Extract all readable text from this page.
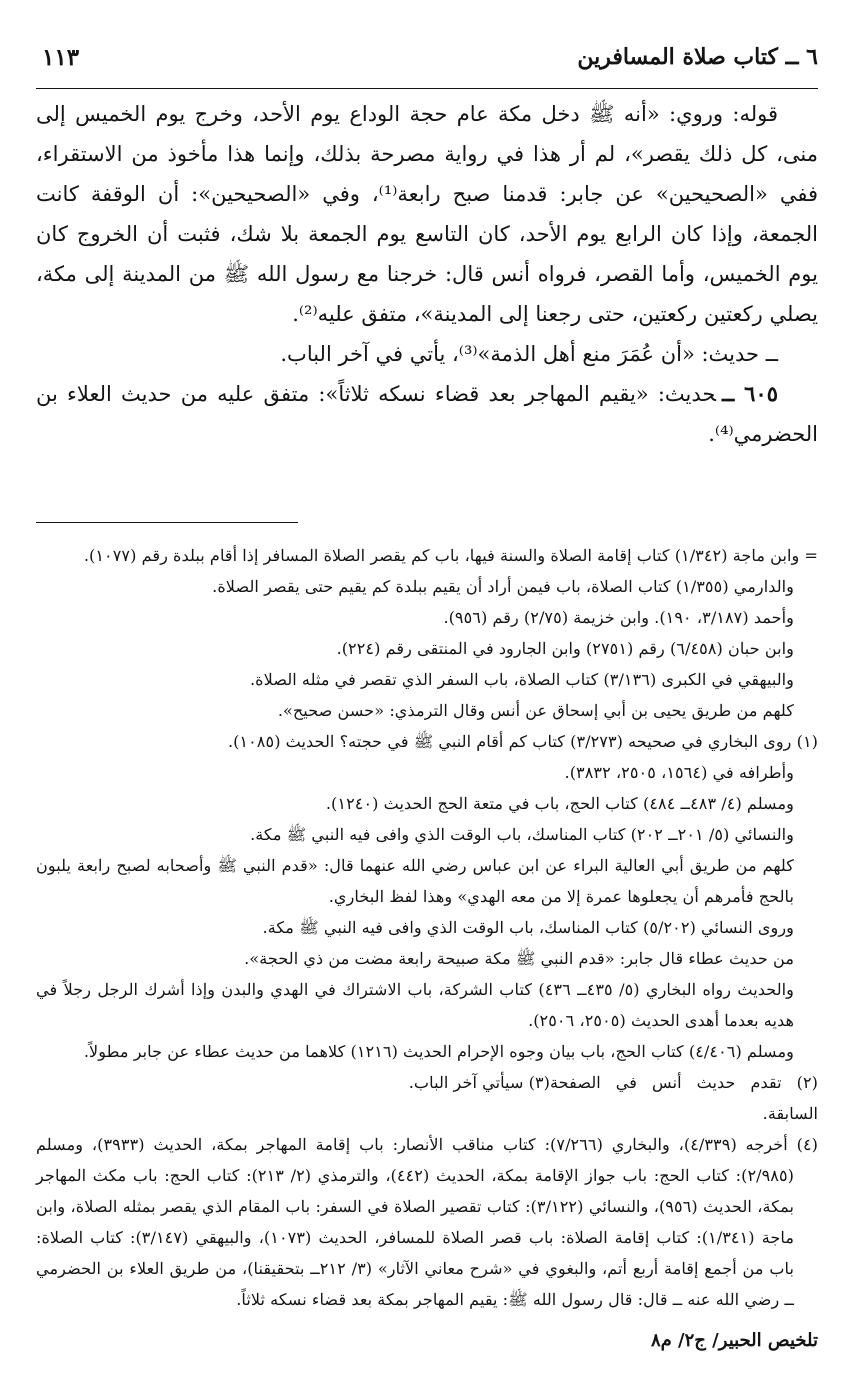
٦ ــ كتاب صلاة المسافرين
١١٣

قوله: وروي: «أنه ﷺ دخل مكة عام حجة الوداع يوم الأحد، وخرج يوم الخميس إلى منى، كل ذلك يقصر»، لم أر هذا في رواية مصرحة بذلك، وإنما هذا مأخوذ من الاستقراء، ففي «الصحيحين» عن جابر: قدمنا صبح رابعة⁽¹⁾، وفي «الصحيحين»: أن الوقفة كانت الجمعة، وإذا كان الرابع يوم الأحد، كان التاسع يوم الجمعة بلا شك، فثبت أن الخروج كان يوم الخميس، وأما القصر، فرواه أنس قال: خرجنا مع رسول الله ﷺ من المدينة إلى مكة، يصلي ركعتين ركعتين، حتى رجعنا إلى المدينة»، متفق عليه⁽²⁾.

ــ حديث: «أن عُمَرَ منع أهل الذمة»⁽³⁾، يأتي في آخر الباب.

٦٠٥ ــحديث: «يقيم المهاجر بعد قضاء نسكه ثلاثاً»: متفق عليه من حديث العلاء بن الحضرمي⁽⁴⁾.

= وابن ماجة (١/٣٤٢) كتاب إقامة الصلاة والسنة فيها، باب كم يقصر الصلاة المسافر إذا أقام ببلدة رقم (١٠٧٧).

والدارمي (١/٣٥٥) كتاب الصلاة، باب فيمن أراد أن يقيم ببلدة كم يقيم حتى يقصر الصلاة.

وأحمد (٣/١٨٧، ١٩٠). وابن خزيمة (٢/٧٥) رقم (٩٥٦).

وابن حبان (٦/٤٥٨) رقم (٢٧٥١) وابن الجارود في المنتقى رقم (٢٢٤).

والبيهقي في الكبرى (٣/١٣٦) كتاب الصلاة، باب السفر الذي تقصر في مثله الصلاة.

كلهم من طريق يحيى بن أبي إسحاق عن أنس وقال الترمذي: «حسن صحيح».

(١) روى البخاري في صحيحه (٣/٢٧٣) كتاب كم أقام النبي ﷺ في حجته؟ الحديث (١٠٨٥).

وأطرافه في (١٥٦٤، ٢٥٠٥، ٣٨٣٢).

ومسلم (٤/ ٤٨٣ــ ٤٨٤) كتاب الحج، باب في متعة الحج الحديث (١٢٤٠).

والنسائي (٥/ ٢٠١ــ ٢٠٢) كتاب المناسك، باب الوقت الذي وافى فيه النبي ﷺ مكة.

كلهم من طريق أبي العالية البراء عن ابن عباس رضي الله عنهما قال: «قدم النبي ﷺ وأصحابه لصبح رابعة يلبون بالحج فأمرهم أن يجعلوها عمرة إلا من معه الهدي» وهذا لفظ البخاري.

وروى النسائي (٥/٢٠٢) كتاب المناسك، باب الوقت الذي وافى فيه النبي ﷺ مكة.

من حديث عطاء قال جابر: «قدم النبي ﷺ مكة صبيحة رابعة مضت من ذي الحجة».

والحديث رواه البخاري (٥/ ٤٣٥ــ ٤٣٦) كتاب الشركة، باب الاشتراك في الهدي والبدن وإذا أشرك الرجل رجلاً في هديه بعدما أهدى الحديث (٢٥٠٥، ٢٥٠٦).

ومسلم (٤/٤٠٦) كتاب الحج، باب بيان وجوه الإحرام الحديث (١٢١٦) كلاهما من حديث عطاء عن جابر مطولاً.

(٢) تقدم حديث أنس في الصفحة السابقة.
(٣) سيأتي آخر الباب.

(٤) أخرجه (٤/٣٣٩)، والبخاري (٧/٢٦٦): كتاب مناقب الأنصار: باب إقامة المهاجر بمكة، الحديث (٣٩٣٣)، ومسلم (٢/٩٨٥): كتاب الحج: باب جواز الإقامة بمكة، الحديث (٤٤٢)، والترمذي (٢/ ٢١٣): كتاب الحج: باب مكث المهاجر بمكة، الحديث (٩٥٦)، والنسائي (٣/١٢٢): كتاب تقصير الصلاة في السفر: باب المقام الذي يقصر بمثله الصلاة، وابن ماجة (١/٣٤١): كتاب إقامة الصلاة: باب قصر الصلاة للمسافر، الحديث (١٠٧٣)، والبيهقي (٣/١٤٧): كتاب الصلاة: باب من أجمع إقامة أربع أتم، والبغوي في «شرح معاني الآثار» (٣/ ٢١٢ــ بتحقيقنا)، من طريق العلاء بن الحضرمي ــ رضي الله عنه ــ قال: قال رسول الله ﷺ: يقيم المهاجر بمكة بعد قضاء نسكه ثلاثاً.

تلخيص الحبير/ ج٢/ م٨
